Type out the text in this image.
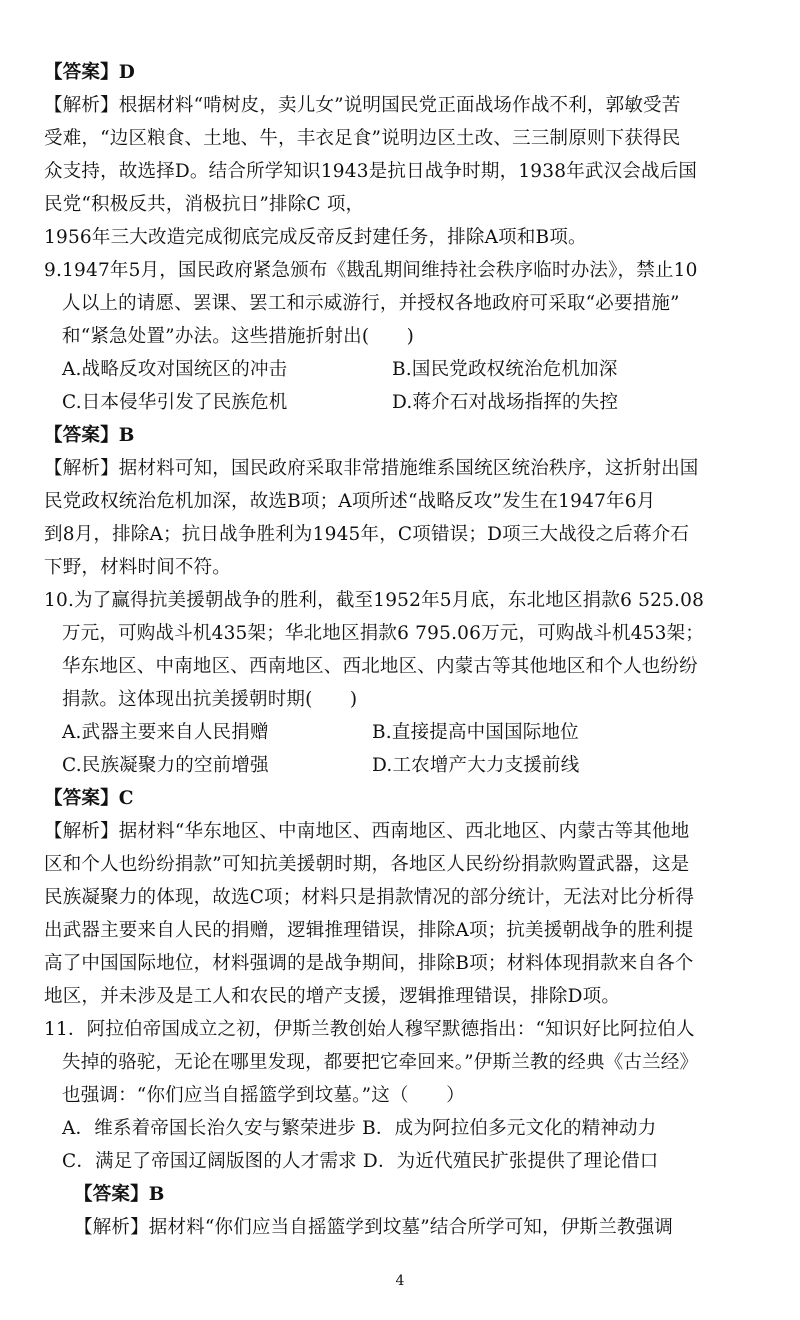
【答案】D
【解析】根据材料“啃树皮，卖儿女”说明国民党正面战场作战不利，郭敏受苦
受难，“边区粮食、土地、牛，丰衣足食”说明边区土改、三三制原则下获得民
众支持，故选择D。结合所学知识1943是抗日战争时期，1938年武汉会战后国
民党“积极反共，消极抗日”排除C 项，
1956年三大改造完成彻底完成反帝反封建任务，排除A项和B项。
9.1947年5月，国民政府紧急颁布《戡乱期间维持社会秩序临时办法》，禁止10
人以上的请愿、罢课、罢工和示威游行，并授权各地政府可采取“必要措施”
和“紧急处置”办法。这些措施折射出(　　)
A.战略反攻对国统区的冲击	B.国民党政权统治危机加深
C.日本侵华引发了民族危机	D.蒋介石对战场指挥的失控
【答案】B
【解析】据材料可知，国民政府采取非常措施维系国统区统治秩序，这折射出国
民党政权统治危机加深，故选B项；A项所述“战略反攻”发生在1947年6月
到8月，排除A；抗日战争胜利为1945年，C项错误；D项三大战役之后蒋介石
下野，材料时间不符。
10.为了赢得抗美援朝战争的胜利，截至1952年5月底，东北地区捐款6 525.08
万元，可购战斗机435架；华北地区捐款6 795.06万元，可购战斗机453架；
华东地区、中南地区、西南地区、西北地区、内蒙古等其他地区和个人也纷纷
捐款。这体现出抗美援朝时期(　　)
A.武器主要来自人民捐赠	B.直接提高中国国际地位
C.民族凝聚力的空前增强	D.工农增产大力支援前线
【答案】C
【解析】据材料“华东地区、中南地区、西南地区、西北地区、内蒙古等其他地
区和个人也纷纷捐款”可知抗美援朝时期，各地区人民纷纷捐款购置武器，这是
民族凝聚力的体现，故选C项；材料只是捐款情况的部分统计，无法对比分析得
出武器主要来自人民的捐赠，逻辑推理错误，排除A项；抗美援朝战争的胜利提
高了中国国际地位，材料强调的是战争期间，排除B项；材料体现捐款来自各个
地区，并未涉及是工人和农民的增产支援，逻辑推理错误，排除D项。
11．阿拉伯帝国成立之初，伊斯兰教创始人穆罕默德指出：“知识好比阿拉伯人
失掉的骆驼，无论在哪里发现，都要把它牵回来。”伊斯兰教的经典《古兰经》
也强调：“你们应当自摇篮学到坟墓。”这（　　）
A．维系着帝国长治久安与繁荣进步 B．成为阿拉伯多元文化的精神动力
C．满足了帝国辽阔版图的人才需求 D．为近代殖民扩张提供了理论借口
【答案】B
【解析】据材料“你们应当自摇篮学到坟墓”结合所学可知，伊斯兰教强调
4
